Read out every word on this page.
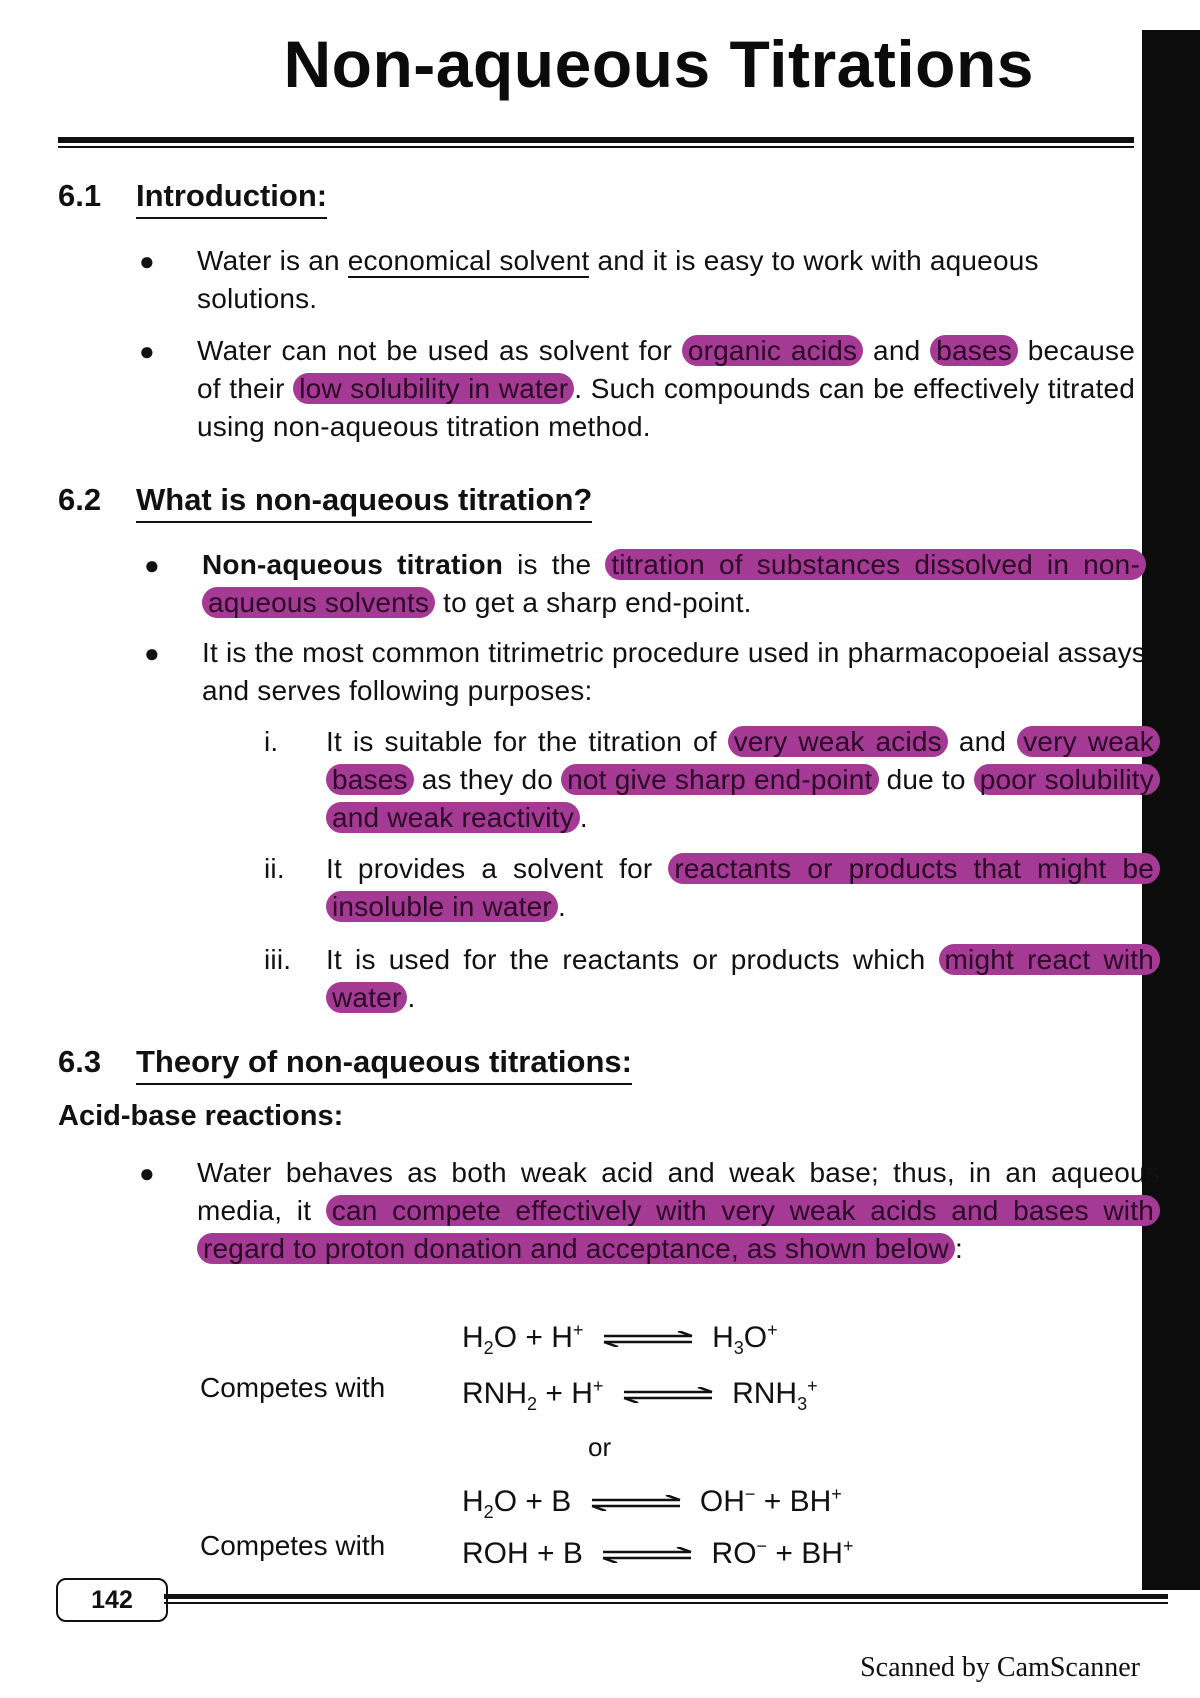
Non-aqueous Titrations
6.1 Introduction:
● Water is an economical solvent and it is easy to work with aqueous solutions.
● Water can not be used as solvent for organic acids and bases because of their low solubility in water . Such compounds can be effectively titrated using non-aqueous titration method.
6.2 What is non-aqueous titration?
● Non-aqueous titration is the titration of substances dissolved in non-aqueous solvents to get a sharp end-point.
● It is the most common titrimetric procedure used in pharmacopoeial assays and serves following purposes:
i. It is suitable for the titration of very weak acids and very weak bases as they do not give sharp end-point due to poor solubility and weak reactivity .
ii. It provides a solvent for reactants or products that might be insoluble in water .
iii. It is used for the reactants or products which might react with water .
6.3 Theory of non-aqueous titrations:
Acid-base reactions:
● Water behaves as both weak acid and weak base; thus, in an aqueous media, it can compete effectively with very weak acids and bases with regard to proton donation and acceptance, as shown below :
$H_2O + H^+$	$H_3O^+$
Competes with	$RNH_2 + H^+$	$RNH_3^+$
or
$H_2O + B$	OH− + BH+
Competes with	ROH + B	RO− + BH+
142
Scanned by CamScanner
